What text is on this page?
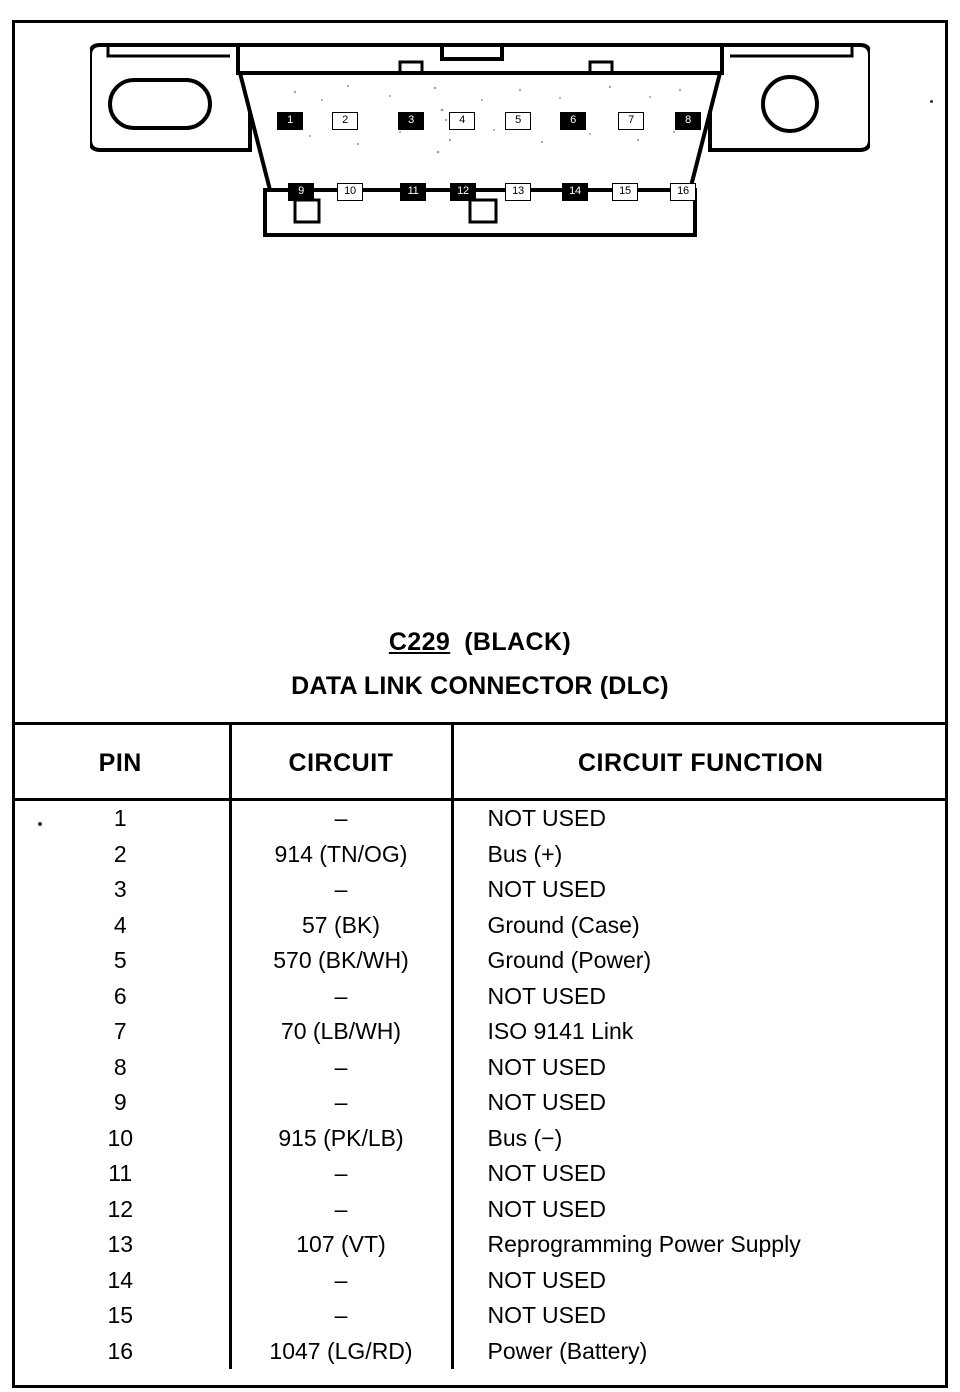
1	2	3	4	5	6	7	8
9	10	11	12	13	14	15	16
C229 (BLACK)
DATA LINK CONNECTOR (DLC)
PIN	CIRCUIT	CIRCUIT FUNCTION
1	–	NOT USED
2	914 (TN/OG)	Bus (+)
3	–	NOT USED
4	57 (BK)	Ground (Case)
5	570 (BK/WH)	Ground (Power)
6	–	NOT USED
7	70 (LB/WH)	ISO 9141 Link
8	–	NOT USED
9	–	NOT USED
10	915 (PK/LB)	Bus (−)
11	–	NOT USED
12	–	NOT USED
13	107 (VT)	Reprogramming Power Supply
14	–	NOT USED
15	–	NOT USED
16	1047 (LG/RD)	Power (Battery)
